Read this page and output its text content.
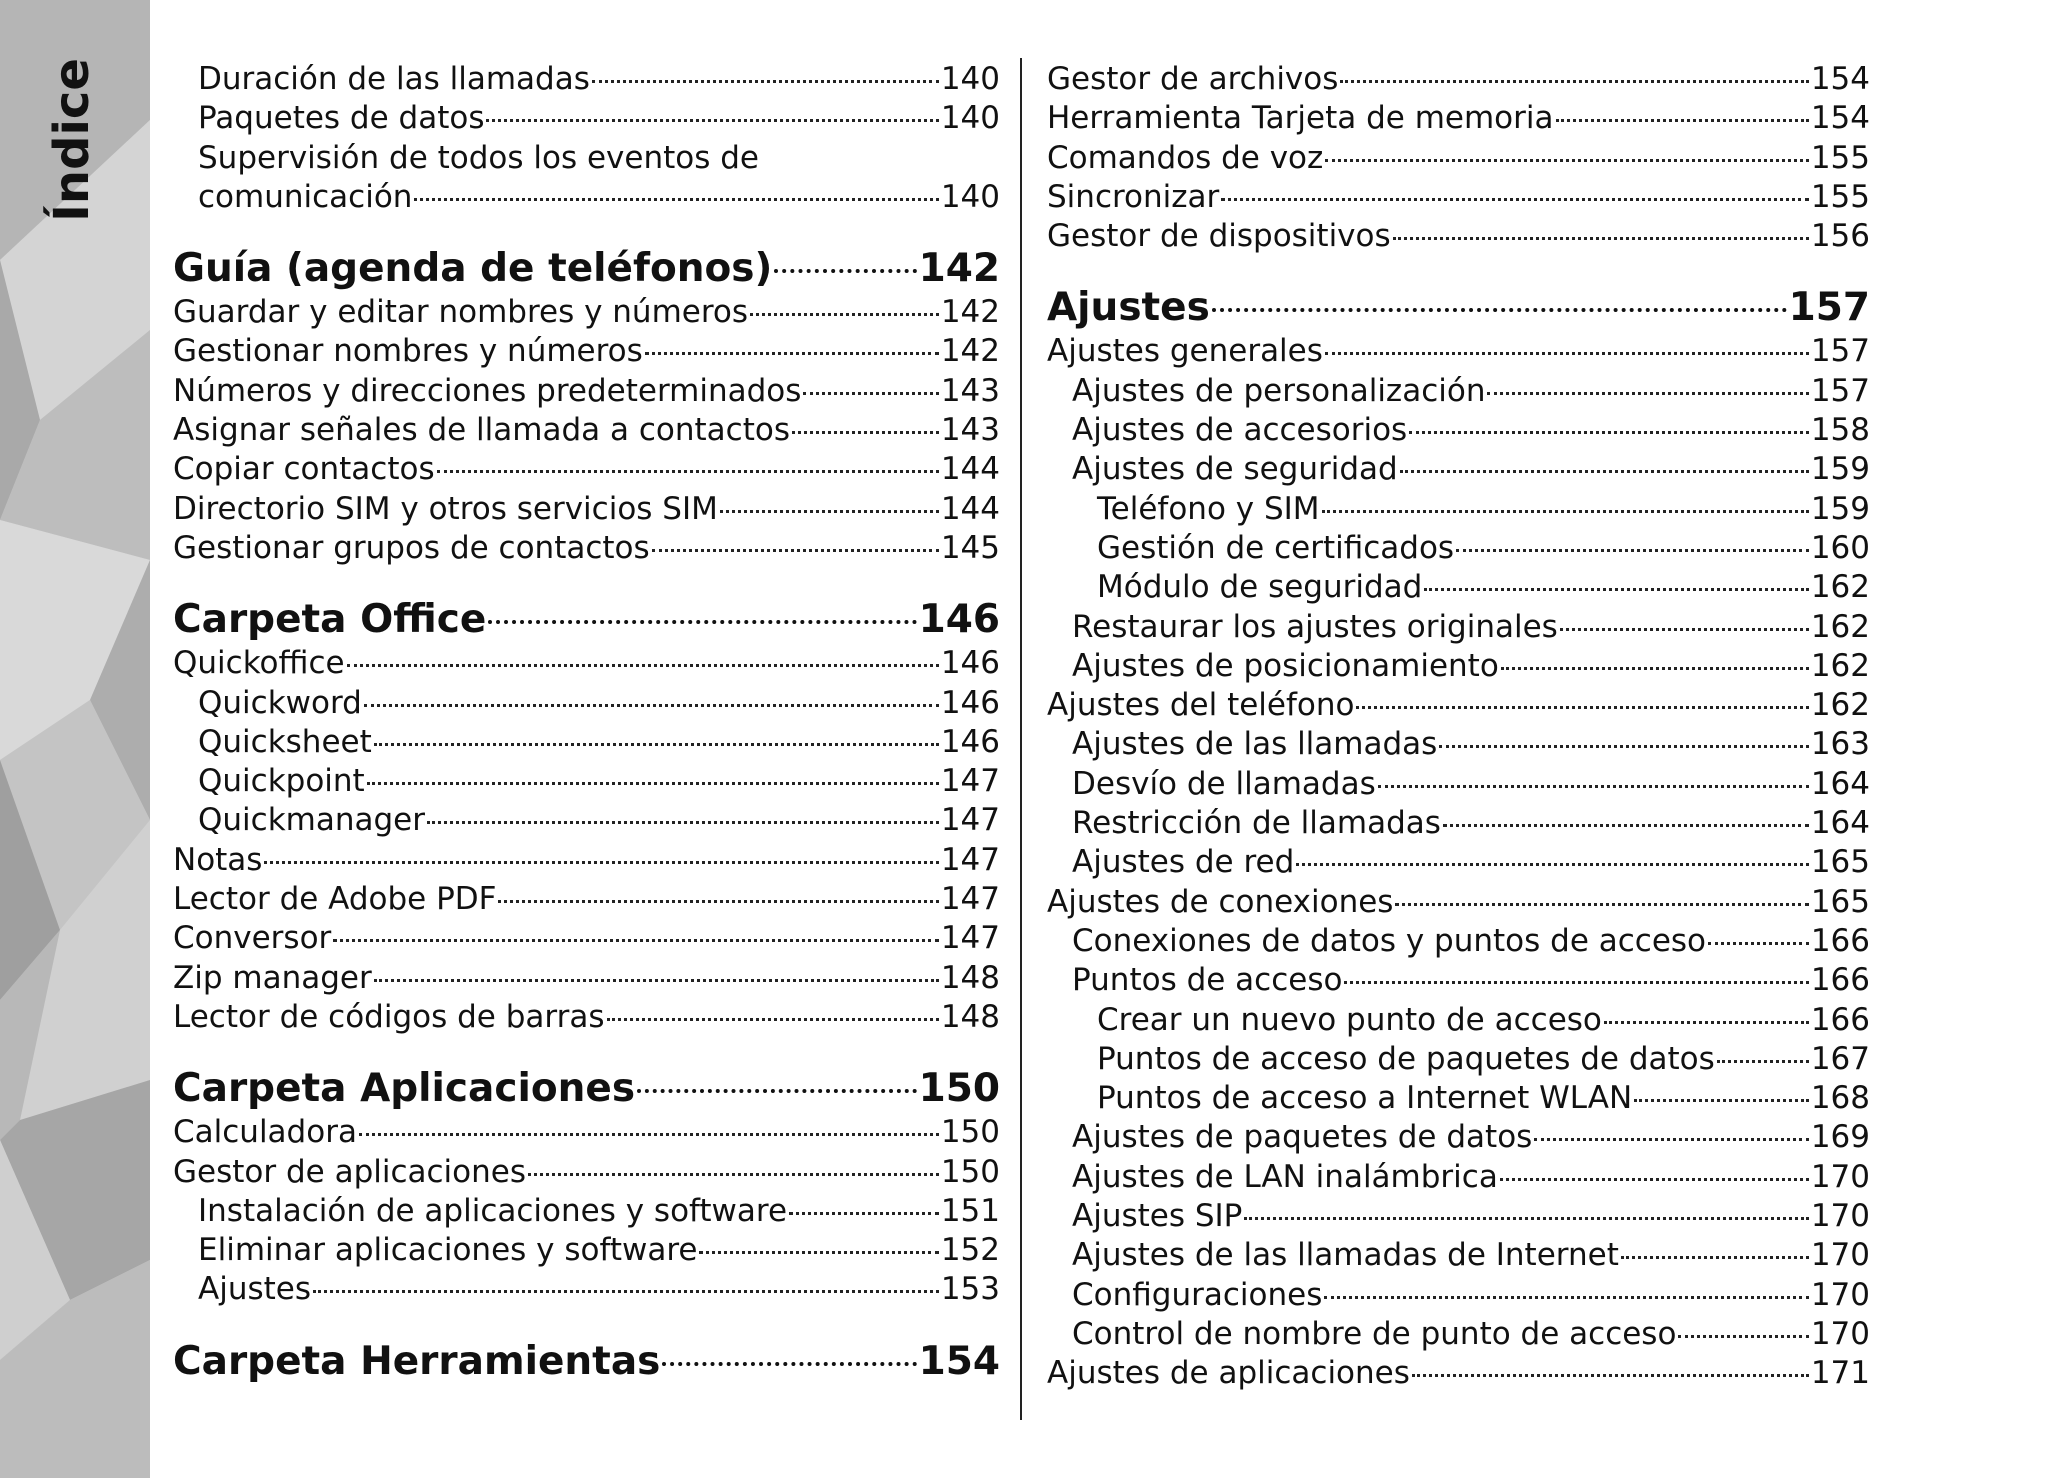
Índice	Duración de las llamadas	140
Paquetes de datos	140
Supervisión de todos los eventos de
comunicación	140
Guía (agenda de teléfonos)	142
Guardar y editar nombres y números	142
Gestionar nombres y números	142
Números y direcciones predeterminados	143
Asignar señales de llamada a contactos	143
Copiar contactos	144
Directorio SIM y otros servicios SIM	144
Gestionar grupos de contactos	145
Carpeta Office	146
Quickoffice	146
Quickword	146
Quicksheet	146
Quickpoint	147
Quickmanager	147
Notas	147
Lector de Adobe PDF	147
Conversor	147
Zip manager	148
Lector de códigos de barras	148
Carpeta Aplicaciones	150
Calculadora	150
Gestor de aplicaciones	150
Instalación de aplicaciones y software	151
Eliminar aplicaciones y software	152
Ajustes	153
Carpeta Herramientas	154
Gestor de archivos	154
Herramienta Tarjeta de memoria	154
Comandos de voz	155
Sincronizar	155
Gestor de dispositivos	156
Ajustes	157
Ajustes generales	157
Ajustes de personalización	157
Ajustes de accesorios	158
Ajustes de seguridad	159
Teléfono y SIM	159
Gestión de certificados	160
Módulo de seguridad	162
Restaurar los ajustes originales	162
Ajustes de posicionamiento	162
Ajustes del teléfono	162
Ajustes de las llamadas	163
Desvío de llamadas	164
Restricción de llamadas	164
Ajustes de red	165
Ajustes de conexiones	165
Conexiones de datos y puntos de acceso	166
Puntos de acceso	166
Crear un nuevo punto de acceso	166
Puntos de acceso de paquetes de datos	167
Puntos de acceso a Internet WLAN	168
Ajustes de paquetes de datos	169
Ajustes de LAN inalámbrica	170
Ajustes SIP	170
Ajustes de las llamadas de Internet	170
Configuraciones	170
Control de nombre de punto de acceso	170
Ajustes de aplicaciones	171
